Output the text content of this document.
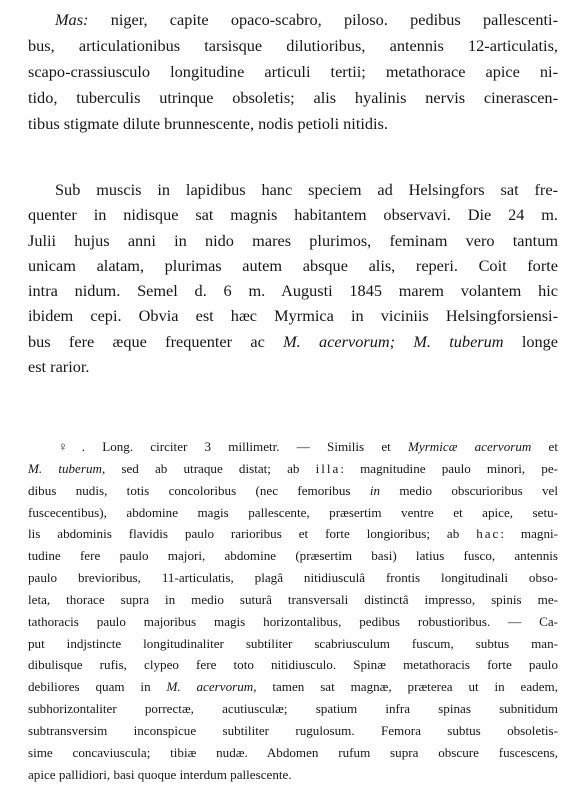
Mas: niger, capite opaco-scabro, piloso. pedibus pallescenti-
bus, articulationibus tarsisque dilutioribus, antennis 12-articulatis,
scapo-crassiusculo longitudine articuli tertii; metathorace apice ni-
tido, tuberculis utrinque obsoletis; alis hyalinis nervis cinerascen-
tibus stigmate dilute brunnescente, nodis petioli nitidis.

Sub muscis in lapidibus hanc speciem ad Helsingfors sat fre-
quenter in nidisque sat magnis habitantem observavi. Die 24 m.
Julii hujus anni in nido mares plurimos, feminam vero tantum
unicam alatam, plurimas autem absque alis, reperi. Coit forte
intra nidum. Semel d. 6 m. Augusti 1845 marem volantem hic
ibidem cepi. Obvia est hæc Myrmica in viciniis Helsingforsiensi-
bus fere æque frequenter ac M. acervorum; M. tuberum longe
est rarior.

♀. Long. circiter 3 millimetr. — Similis et Myrmicæ acervorum et
M. tuberum, sed ab utraque distat; ab illa: magnitudine paulo minori, pe-
dibus nudis, totis concoloribus (nec femoribus in medio obscurioribus vel
fuscecentibus), abdomine magis pallescente, præsertim ventre et apice, setu-
lis abdominis flavidis paulo rarioribus et forte longioribus; ab hac: magni-
tudine fere paulo majori, abdomine (præsertim basi) latius fusco, antennis
paulo brevioribus, 11-articulatis, plagâ nitidiusculâ frontis longitudinali obso-
leta, thorace supra in medio suturâ transversali distinctâ impresso, spinis me-
tathoracis paulo majoribus magis horizontalibus, pedibus robustioribus. — Ca-
put indjstincte longitudinaliter subtiliter scabriusculum fuscum, subtus man-
dibulisque rufis, clypeo fere toto nitidiusculo. Spinæ metathoracis forte paulo
debiliores quam in M. acervorum, tamen sat magnæ, præterea ut in eadem,
subhorizontaliter porrectæ, acutiusculæ; spatium infra spinas subnitidum
subtransversim inconspicue subtiliter rugulosum. Femora subtus obsoletis-
sime concaviuscula; tibiæ nudæ. Abdomen rufum supra obscure fuscescens,
apice pallidiori, basi quoque interdum pallescente.
